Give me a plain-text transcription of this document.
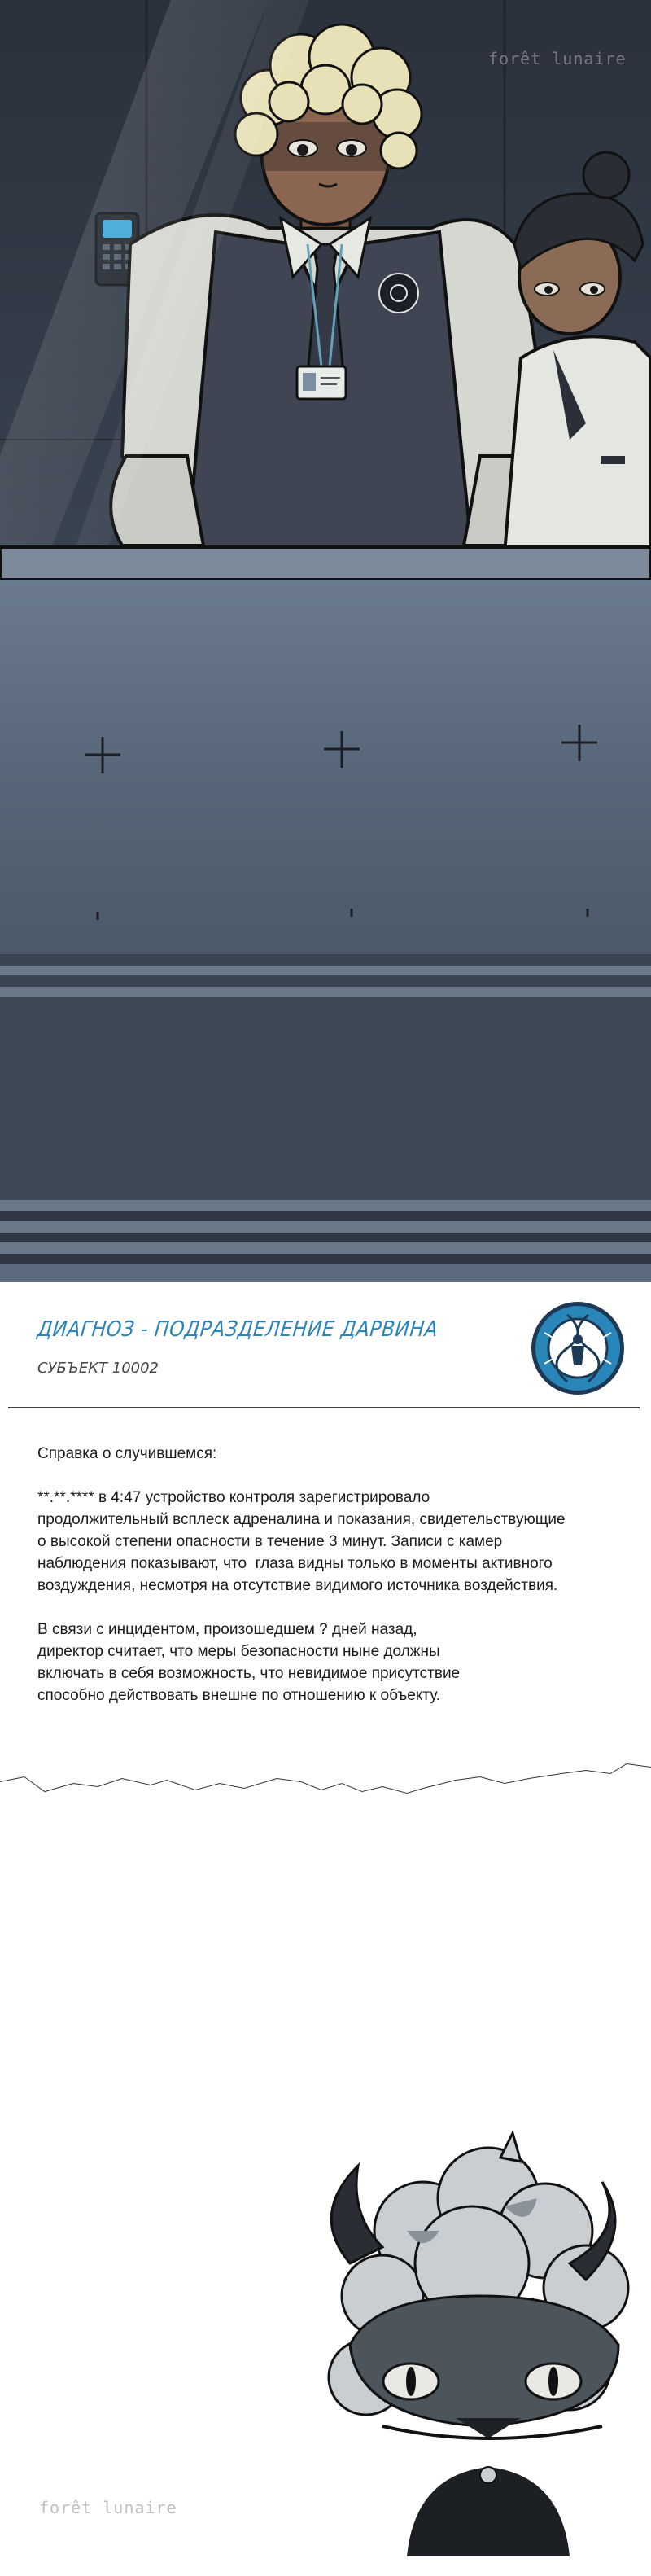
forêt lunaire
ДИАГНОЗ - ПОДРАЗДЕЛЕНИЕ ДАРВИНА
СУБЪЕКТ 10002
Справка о случившемся:
**.**.**** в 4:47 устройство контроля зарегистрировало
продолжительный всплеск адреналина и показания, свидетельствующие
о высокой степени опасности в течение 3 минут. Записи с камер
наблюдения показывают, что  глаза видны только в моменты активного
воздуждения, несмотря на отсутствие видимого источника воздействия.
В связи с инцидентом, произошедшем ? дней назад,
директор считает, что меры безопасности ныне должны
включать в себя возможность, что невидимое присутствие
способно действовать внешне по отношению к объекту.
forêt lunaire
